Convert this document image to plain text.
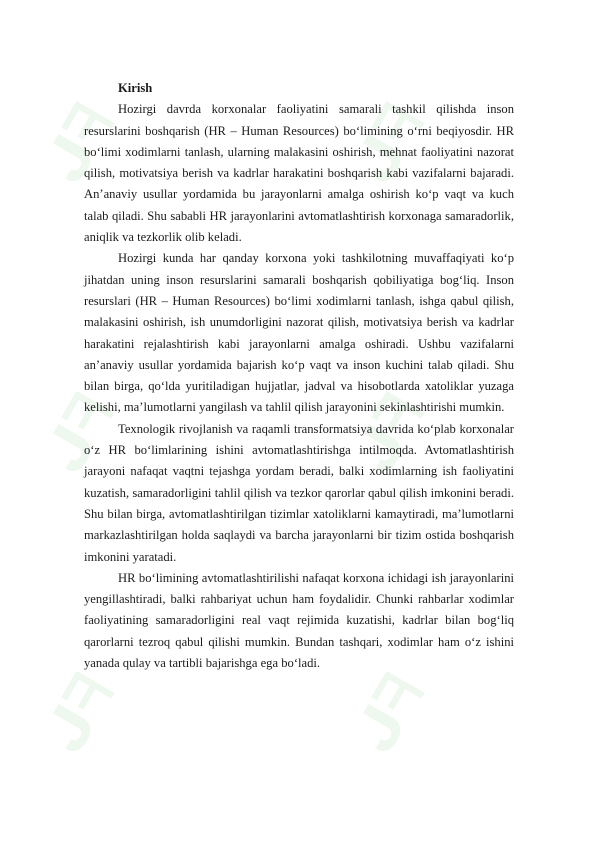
ᒍᖷ	ᒍᖷ
ᒍᖷ	ᒍᖷ
ᒍᖷ	ᒍᖷ

Kirish

Hozirgi davrda korxonalar faoliyatini samarali tashkil qilishda inson resurslarini boshqarish (HR – Human Resources) bo‘limining o‘rni beqiyosdir. HR bo‘limi xodimlarni tanlash, ularning malakasini oshirish, mehnat faoliyatini nazorat qilish, motivatsiya berish va kadrlar harakatini boshqarish kabi vazifalarni bajaradi. An’anaviy usullar yordamida bu jarayonlarni amalga oshirish ko‘p vaqt va kuch talab qiladi. Shu sababli HR jarayonlarini avtomatlashtirish korxonaga samaradorlik, aniqlik va tezkorlik olib keladi.

Hozirgi kunda har qanday korxona yoki tashkilotning muvaffaqiyati ko‘p jihatdan uning inson resurslarini samarali boshqarish qobiliyatiga bog‘liq. Inson resurslari (HR – Human Resources) bo‘limi xodimlarni tanlash, ishga qabul qilish, malakasini oshirish, ish unumdorligini nazorat qilish, motivatsiya berish va kadrlar harakatini rejalashtirish kabi jarayonlarni amalga oshiradi. Ushbu vazifalarni an’anaviy usullar yordamida bajarish ko‘p vaqt va inson kuchini talab qiladi. Shu bilan birga, qo‘lda yuritiladigan hujjatlar, jadval va hisobotlarda xatoliklar yuzaga kelishi, ma’lumotlarni yangilash va tahlil qilish jarayonini sekinlashtirishi mumkin.

Texnologik rivojlanish va raqamli transformatsiya davrida ko‘plab korxonalar o‘z HR bo‘limlarining ishini avtomatlashtirishga intilmoqda. Avtomatlashtirish jarayoni nafaqat vaqtni tejashga yordam beradi, balki xodimlarning ish faoliyatini kuzatish, samaradorligini tahlil qilish va tezkor qarorlar qabul qilish imkonini beradi. Shu bilan birga, avtomatlashtirilgan tizimlar xatoliklarni kamaytiradi, ma’lumotlarni markazlashtirilgan holda saqlaydi va barcha jarayonlarni bir tizim ostida boshqarish imkonini yaratadi.

HR bo‘limining avtomatlashtirilishi nafaqat korxona ichidagi ish jarayonlarini yengillashtiradi, balki rahbariyat uchun ham foydalidir. Chunki rahbarlar xodimlar faoliyatining samaradorligini real vaqt rejimida kuzatishi, kadrlar bilan bog‘liq qarorlarni tezroq qabul qilishi mumkin. Bundan tashqari, xodimlar ham o‘z ishini yanada qulay va tartibli bajarishga ega bo‘ladi.
